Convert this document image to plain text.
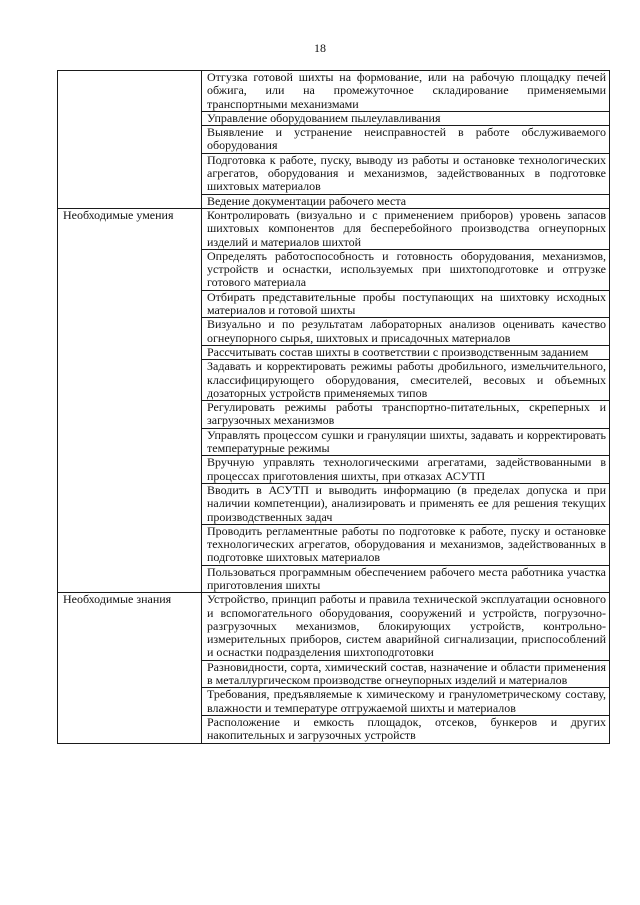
18
	Отгузка готовой шихты на формование, или на рабочую площадку печей обжига, или на промежуточное складирование применяемыми транспортными механизмами
	Управление оборудованием пылеулавливания
	Выявление и устранение неисправностей в работе обслуживаемого оборудования
	Подготовка к работе, пуску, выводу из работы и остановке технологических агрегатов, оборудования и механизмов, задействованных в подготовке шихтовых материалов
	Ведение документации рабочего места
Необходимые умения	Контролировать (визуально и с применением приборов) уровень запасов шихтовых компонентов для бесперебойного производства огнеупорных изделий и материалов шихтой
	Определять работоспособность и готовность оборудования, механизмов, устройств и оснастки, используемых при шихтоподготовке и отгрузке готового материала
	Отбирать представительные пробы поступающих на шихтовку исходных материалов и готовой шихты
	Визуально и по результатам лабораторных анализов оценивать качество огнеупорного сырья, шихтовых и присадочных материалов
	Рассчитывать состав шихты в соответствии с производственным заданием
	Задавать и корректировать режимы работы дробильного, измельчительного, классифицирующего оборудования, смесителей, весовых и объемных дозаторных устройств применяемых типов
	Регулировать режимы работы транспортно-питательных, скреперных и загрузочных механизмов
	Управлять процессом сушки и грануляции шихты, задавать и корректировать температурные режимы
	Вручную управлять технологическими агрегатами, задействованными в процессах приготовления шихты, при отказах АСУТП
	Вводить в АСУТП и выводить информацию (в пределах допуска и при наличии компетенции), анализировать и применять ее для решения текущих производственных задач
	Проводить регламентные работы по подготовке к работе, пуску и остановке технологических агрегатов, оборудования и механизмов, задействованных в подготовке шихтовых материалов
	Пользоваться программным обеспечением рабочего места работника участка приготовления шихты
Необходимые знания	Устройство, принцип работы и правила технической эксплуатации основного и вспомогательного оборудования, сооружений и устройств, погрузочно-разгрузочных механизмов, блокирующих устройств, контрольно-измерительных приборов, систем аварийной сигнализации, приспособлений и оснастки подразделения шихтоподготовки
	Разновидности, сорта, химический состав, назначение и области применения в металлургическом производстве огнеупорных изделий и материалов
	Требования, предъявляемые к химическому и гранулометрическому составу, влажности и температуре отгружаемой шихты и материалов
	Расположение и емкость площадок, отсеков, бункеров и других накопительных и загрузочных устройств
